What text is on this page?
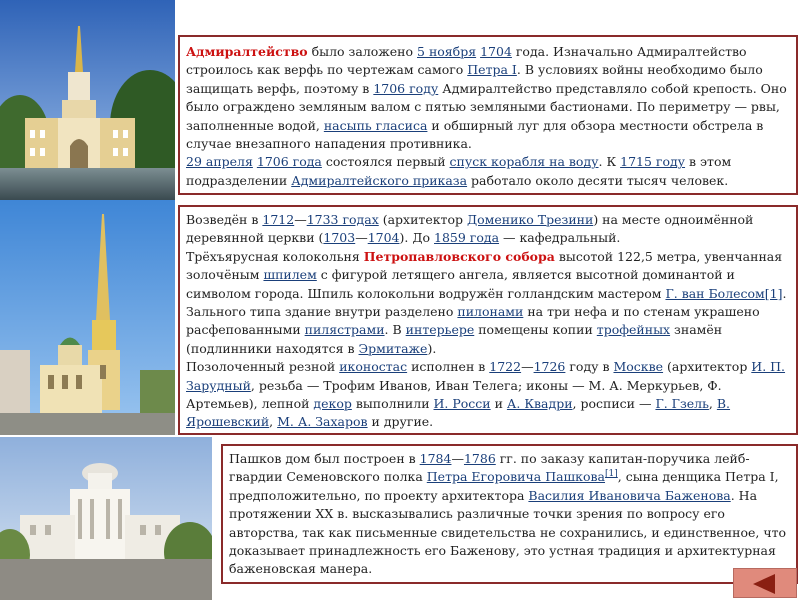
Адмиралтейство было заложено 5 ноября 1704 года. Изначально Адмиралтейство строилось как верфь по чертежам самого Петра I. В условиях войны необходимо было защищать верфь, поэтому в 1706 году Адмиралтейство представляло собой крепость. Оно было ограждено земляным валом с пятью земляными бастионами. По периметру — рвы, заполненные водой, насыпь гласиса и обширный луг для обзора местности обстрела в случае внезапного нападения противника.

29 апреля 1706 года состоялся первый спуск корабля на воду. К 1715 году в этом подразделении Адмиралтейского приказа работало около десяти тысяч человек.

Возведён в 1712—1733 годах (архитектор Доменико Трезини) на месте одноимённой деревянной церкви (1703—1704). До 1859 года — кафедральный.

Трёхъярусная колокольня Петропавловского собора высотой 122,5 метра, увенчанная золочёным шпилем с фигурой летящего ангела, является высотной доминантой и символом города. Шпиль колокольни водружён голландским мастером Г. ван Болесом[1]. Зального типа здание внутри разделено пилонами на три нефа и по стенам украшено расфепованными пилястрами. В интерьере помещены копии трофейных знамён (подлинники находятся в Эрмитаже).

Позолоченный резной иконостас исполнен в 1722—1726 году в Москве (архитектор И. П. Зарудный, резьба — Трофим Иванов, Иван Телега; иконы — М. А. Меркурьев, Ф. Артемьев), лепной декор выполнили И. Росси и А. Квадри, росписи — Г. Гзель, В. Ярошевский, М. А. Захаров и другие.

Пашков дом был построен в 1784—1786 гг. по заказу капитан-поручика лейб-гвардии Семеновского полка Петра Егоровича Пашкова[1], сына денщика Петра I, предположительно, по проекту архитектора Василия Ивановича Баженова. На протяжении XX в. высказывались различные точки зрения по вопросу его авторства, так как письменные свидетельства не сохранились, и единственное, что доказывает принадлежность его Баженову, это устная традиция и архитектурная баженовская манера.
